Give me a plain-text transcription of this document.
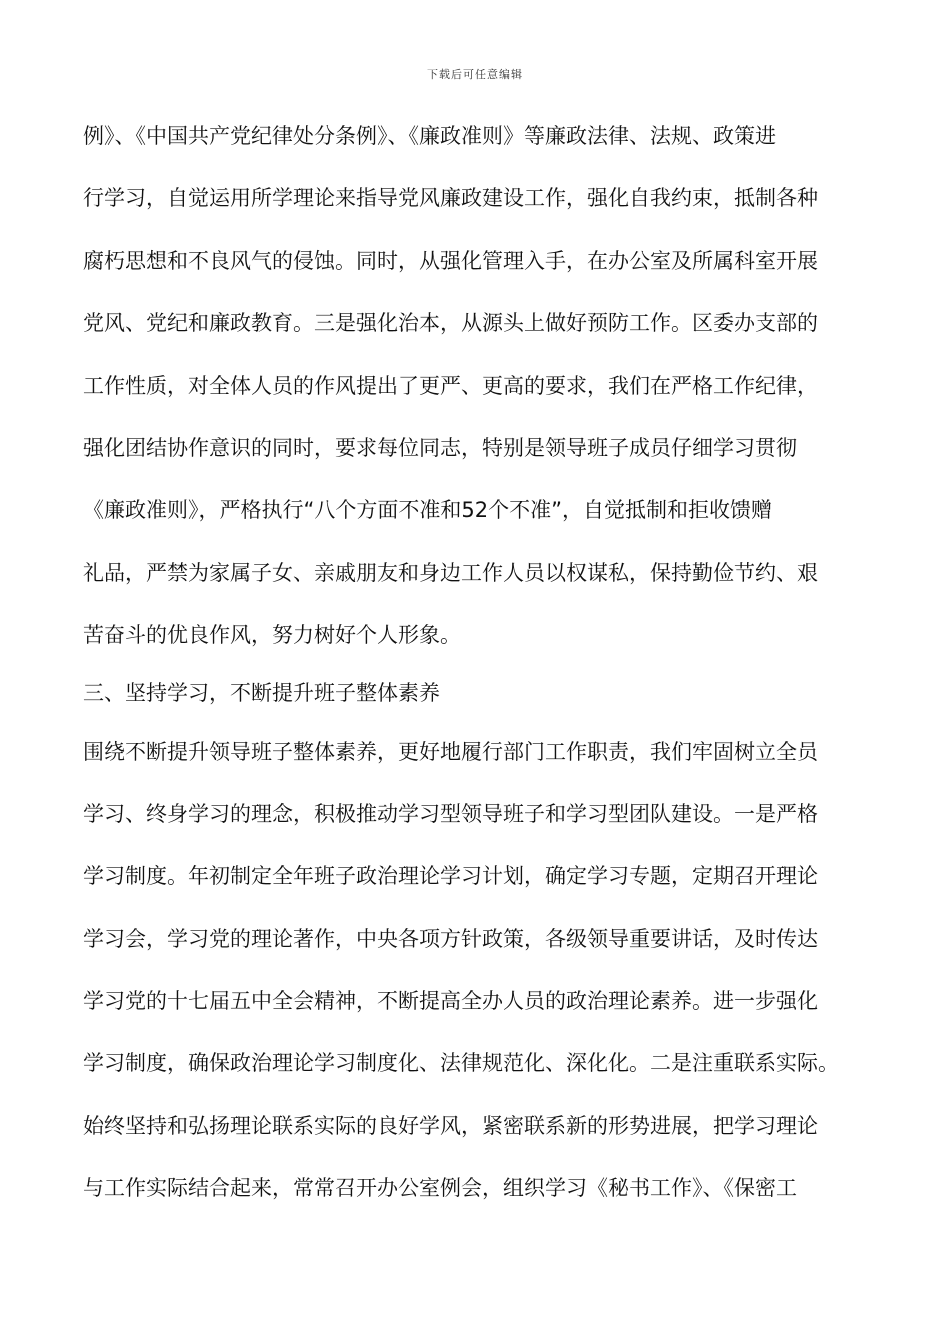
下载后可任意编辑
例》、《中国共产党纪律处分条例》、《廉政准则》等廉政法律、法规、政策进
行学习，自觉运用所学理论来指导党风廉政建设工作，强化自我约束，抵制各种
腐朽思想和不良风气的侵蚀。同时，从强化管理入手，在办公室及所属科室开展
党风、党纪和廉政教育。三是强化治本，从源头上做好预防工作。区委办支部的
工作性质，对全体人员的作风提出了更严、更高的要求，我们在严格工作纪律，
强化团结协作意识的同时，要求每位同志，特别是领导班子成员仔细学习贯彻
《廉政准则》，严格执行“八个方面不准和52个不准”，自觉抵制和拒收馈赠
礼品，严禁为家属子女、亲戚朋友和身边工作人员以权谋私，保持勤俭节约、艰
苦奋斗的优良作风，努力树好个人形象。
三、坚持学习，不断提升班子整体素养
围绕不断提升领导班子整体素养，更好地履行部门工作职责，我们牢固树立全员
学习、终身学习的理念，积极推动学习型领导班子和学习型团队建设。一是严格
学习制度。年初制定全年班子政治理论学习计划，确定学习专题，定期召开理论
学习会，学习党的理论著作，中央各项方针政策，各级领导重要讲话，及时传达
学习党的十七届五中全会精神，不断提高全办人员的政治理论素养。进一步强化
学习制度，确保政治理论学习制度化、法律规范化、深化化。二是注重联系实际。
始终坚持和弘扬理论联系实际的良好学风，紧密联系新的形势进展，把学习理论
与工作实际结合起来，常常召开办公室例会，组织学习《秘书工作》、《保密工
